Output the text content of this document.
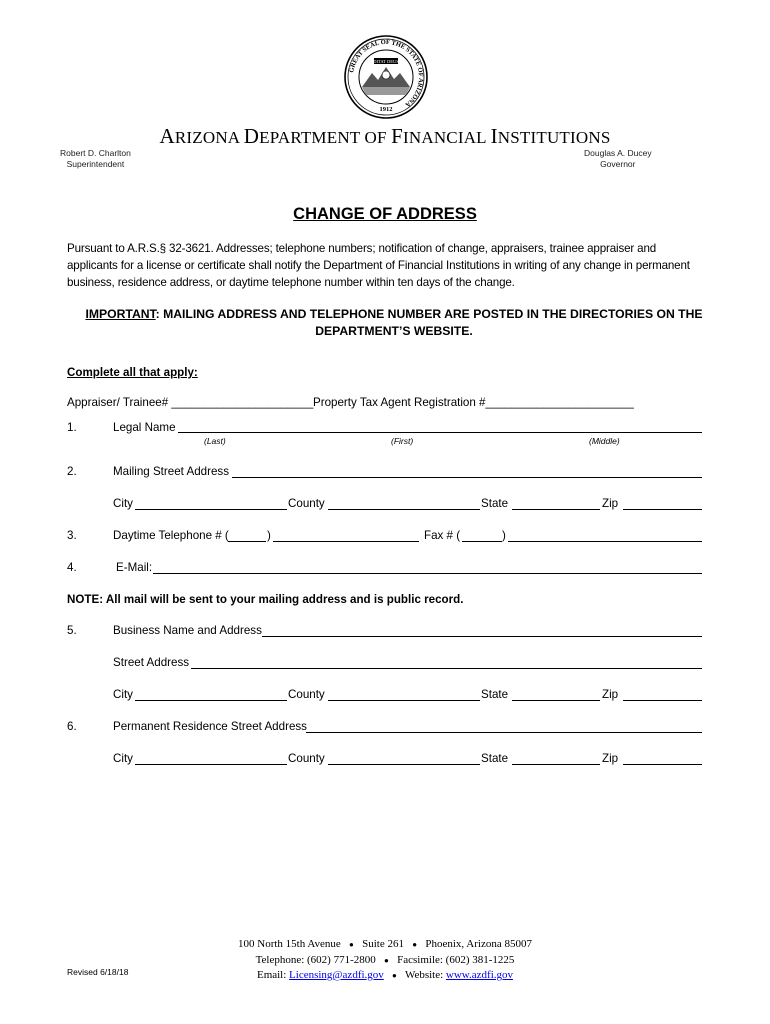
GREAT SEAL OF THE STATE OF ARIZONA
DITAT DEUS
1912
ARIZONA DEPARTMENT OF FINANCIAL INSTITUTIONS
Robert D. Charlton
Superintendent
Douglas A. Ducey
Governor
CHANGE OF ADDRESS
Pursuant to A.R.S.§ 32-3621. Addresses; telephone numbers; notification of change, appraisers, trainee appraiser and applicants for a license or certificate shall notify the Department of Financial Institutions in writing of any change in permanent business, residence address, or daytime telephone number within ten days of the change.
IMPORTANT: MAILING ADDRESS AND TELEPHONE NUMBER ARE POSTED IN THE DIRECTORIES ON THE DEPARTMENT’S WEBSITE.
Complete all that apply:
Appraiser/ Trainee# ______________________ Property Tax Agent Registration #_______________________
1.	Legal Name
(Last)	(First)	(Middle)
2.	Mailing Street Address
City	County	State	Zip
3.	Daytime Telephone # (	)	Fax # (	)
4.	E-Mail:
NOTE: All mail will be sent to your mailing address and is public record.
5.	Business Name and Address
Street Address
City	County	State	Zip
6.	Permanent Residence Street Address
City	County	State	Zip
100 North 15th Avenue ● Suite 261 ● Phoenix, Arizona 85007
Telephone: (602) 771-2800 ● Facsimile: (602) 381-1225
Email: Licensing@azdfi.gov ● Website: www.azdfi.gov
Revised 6/18/18
